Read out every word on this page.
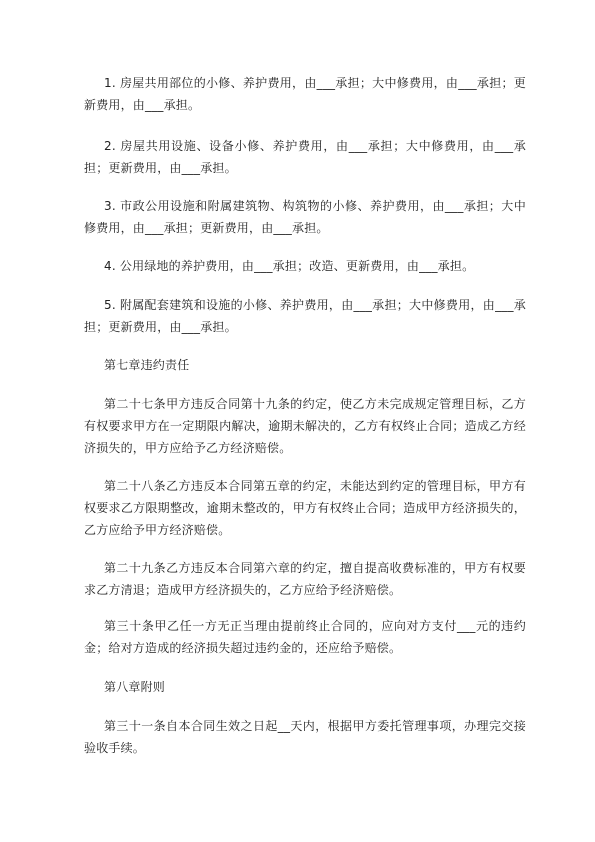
1. 房屋共用部位的小修、养护费用，由___承担；大中修费用，由___承担；更新费用，由___承担。

2. 房屋共用设施、设备小修、养护费用，由___承担；大中修费用，由___承担；更新费用，由___承担。

3. 市政公用设施和附属建筑物、构筑物的小修、养护费用，由___承担；大中修费用，由___承担；更新费用，由___承担。

4. 公用绿地的养护费用，由___承担；改造、更新费用，由___承担。

5. 附属配套建筑和设施的小修、养护费用，由___承担；大中修费用，由___承担；更新费用，由___承担。

第七章违约责任

第二十七条甲方违反合同第十九条的约定，使乙方未完成规定管理目标，乙方有权要求甲方在一定期限内解决，逾期未解决的，乙方有权终止合同；造成乙方经济损失的，甲方应给予乙方经济赔偿。

第二十八条乙方违反本合同第五章的约定，未能达到约定的管理目标，甲方有权要求乙方限期整改，逾期未整改的，甲方有权终止合同；造成甲方经济损失的，乙方应给予甲方经济赔偿。

第二十九条乙方违反本合同第六章的约定，擅自提高收费标准的，甲方有权要求乙方清退；造成甲方经济损失的，乙方应给予经济赔偿。

第三十条甲乙任一方无正当理由提前终止合同的，应向对方支付___元的违约金；给对方造成的经济损失超过违约金的，还应给予赔偿。

第八章附则

第三十一条自本合同生效之日起__天内，根据甲方委托管理事项，办理完交接验收手续。
